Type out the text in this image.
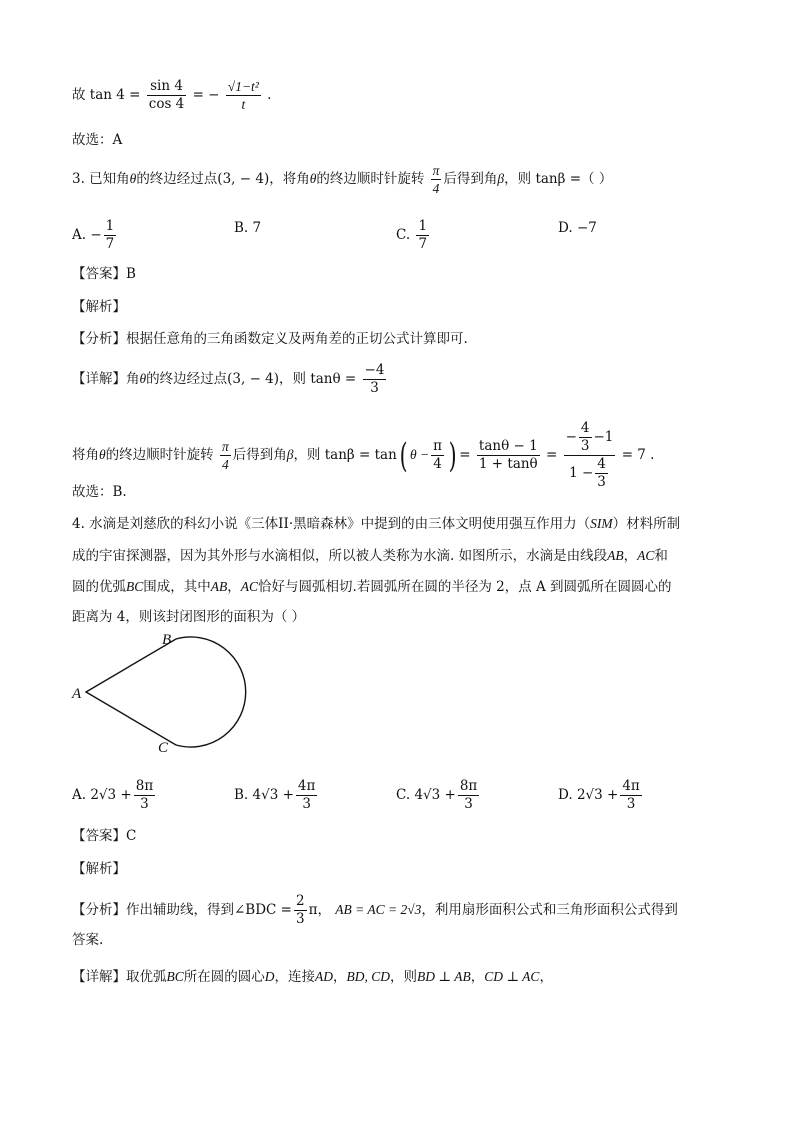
故 $\tan 4 = \frac{\sin 4}{\cos 4}$ = − $\frac{\text{√1−t²}}{t}$ .
故选：A
3. 已知角θ的终边经过点(3, − 4)，将角θ的终边顺时针旋转 $\frac{\pi}{4}$ 后得到角β，则 tanβ =（ ）
A. − $\frac{1}{7}$	B. 7	C. $\frac{1}{7}$	D. −7
【答案】B
【解析】
【分析】根据任意角的三角函数定义及两角差的正切公式计算即可.
【详解】角θ的终边经过点(3, − 4)，则 $\tan\theta = \frac{-4}{3}$
将角θ的终边顺时针旋转 $\frac{\pi}{4}$ 后得到角β，则 tanβ = tan( $\theta - \frac{\pi}{4}$ ) = $\frac{\tan\theta - 1}{1 + \tan\theta} = \frac{- \frac{4}{3} -1}{1 - \frac{4}{3}} = 7$ .
故选：B.
4. 水滴是刘慈欣的科幻小说《三体II·黑暗森林》中提到的由三体文明使用强互作用力（SIM）材料所制
成的宇宙探测器，因为其外形与水滴相似，所以被人类称为水滴. 如图所示，水滴是由线段AB，AC和
圆的优弧BC围成，其中AB，AC恰好与圆弧相切.若圆弧所在圆的半径为 2，点 A 到圆弧所在圆圆心的
距离为 4，则该封闭图形的面积为（ ）
A
B
C
A. $2√3 + \frac{8\pi}{3}$	B. $4√3 + \frac{4\pi}{3}$	C. $4√3 + \frac{8\pi}{3}$	D. $2√3 + \frac{4\pi}{3}$
【答案】C
【解析】
【分析】作出辅助线，得到∠BDC = $\frac{2}{3}$ π， AB = AC = 2√3，利用扇形面积公式和三角形面积公式得到
答案.
【详解】取优弧BC所在圆的圆心D，连接AD，BD, CD，则BD ⊥ AB，CD ⊥ AC，
